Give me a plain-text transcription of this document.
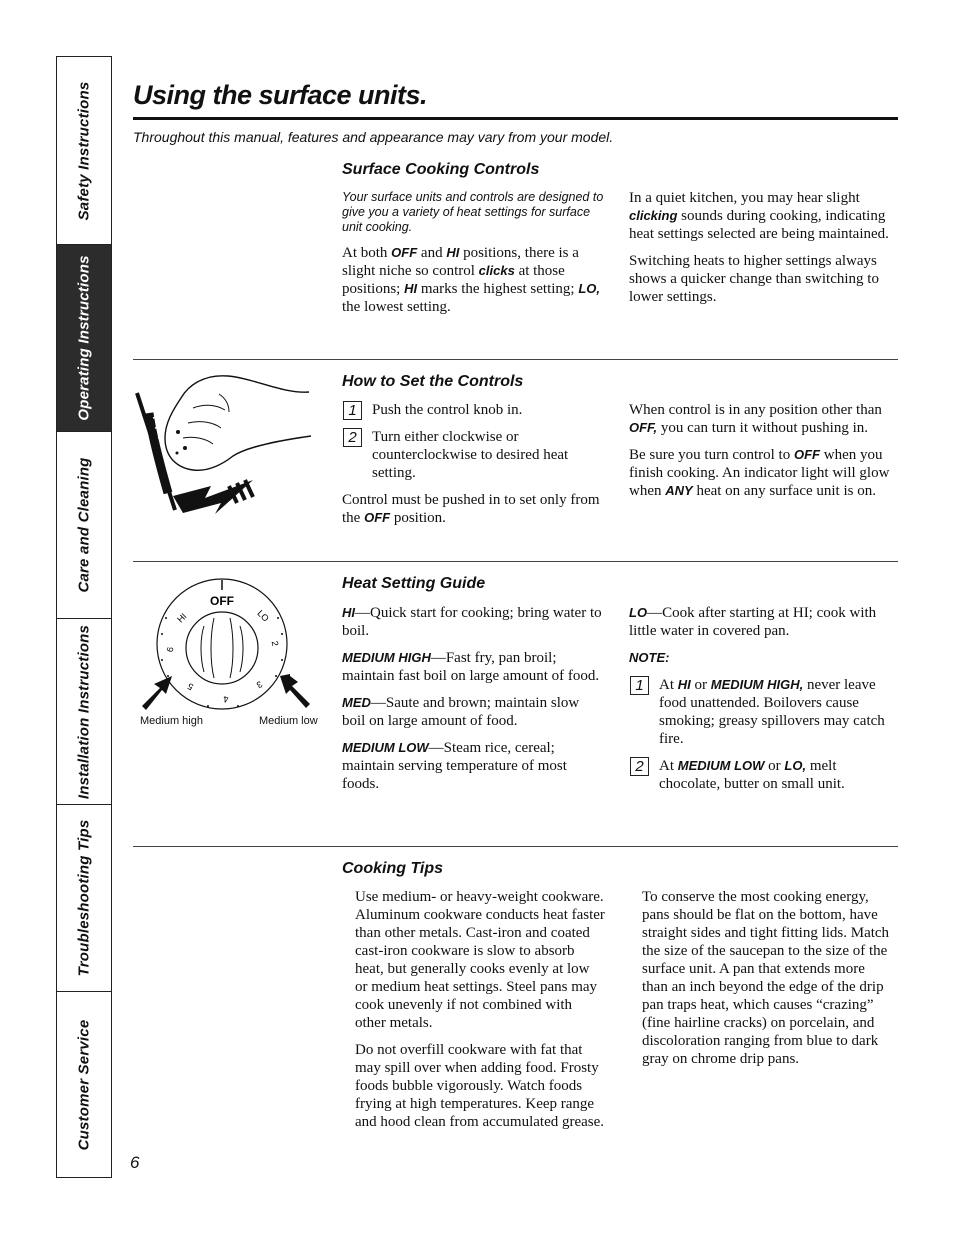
Safety Instructions
Operating Instructions
Care and Cleaning
Installation Instructions
Troubleshooting Tips
Customer Service
Using the surface units.
Throughout this manual, features and appearance may vary from your model.
Surface Cooking Controls

Your surface units and controls are designed to give you a variety of heat settings for surface unit cooking.

At both OFF and HI positions, there is a slight niche so control clicks at those positions; HI marks the highest setting; LO, the lowest setting.

In a quiet kitchen, you may hear slight clicking sounds during cooking, indicating heat settings selected are being maintained.

Switching heats to higher settings always shows a quicker change than switching to lower settings.

How to Set the Controls
1	Push the control knob in.
2	Turn either clockwise or counterclockwise to desired heat setting.

Control must be pushed in to set only from the OFF position.

When control is in any position other than OFF, you can turn it without pushing in.

Be sure you turn control to OFF when you finish cooking. An indicator light will glow when ANY heat on any surface unit is on.

OFF
HI	LO
6
5
4
3
2
Medium high	Medium low
Heat Setting Guide

HI—Quick start for cooking; bring water to boil.

MEDIUM HIGH—Fast fry, pan broil; maintain fast boil on large amount of food.

MED—Saute and brown; maintain slow boil on large amount of food.

MEDIUM LOW—Steam rice, cereal; maintain serving temperature of most foods.

LO—Cook after starting at HI; cook with little water in covered pan.

NOTE:

1	At HI or MEDIUM HIGH, never leave food unattended. Boilovers cause smoking; greasy spillovers may catch fire.
2	At MEDIUM LOW or LO, melt chocolate, butter on small unit.
Cooking Tips

Use medium- or heavy-weight cookware. Aluminum cookware conducts heat faster than other metals. Cast-iron and coated cast-iron cookware is slow to absorb heat, but generally cooks evenly at low or medium heat settings. Steel pans may cook unevenly if not combined with other metals.

Do not overfill cookware with fat that may spill over when adding food. Frosty foods bubble vigorously. Watch foods frying at high temperatures. Keep range and hood clean from accumulated grease.

To conserve the most cooking energy, pans should be flat on the bottom, have straight sides and tight fitting lids. Match the size of the saucepan to the size of the surface unit. A pan that extends more than an inch beyond the edge of the drip pan traps heat, which causes “crazing” (fine hairline cracks) on porcelain, and discoloration ranging from blue to dark gray on chrome drip pans.

6
